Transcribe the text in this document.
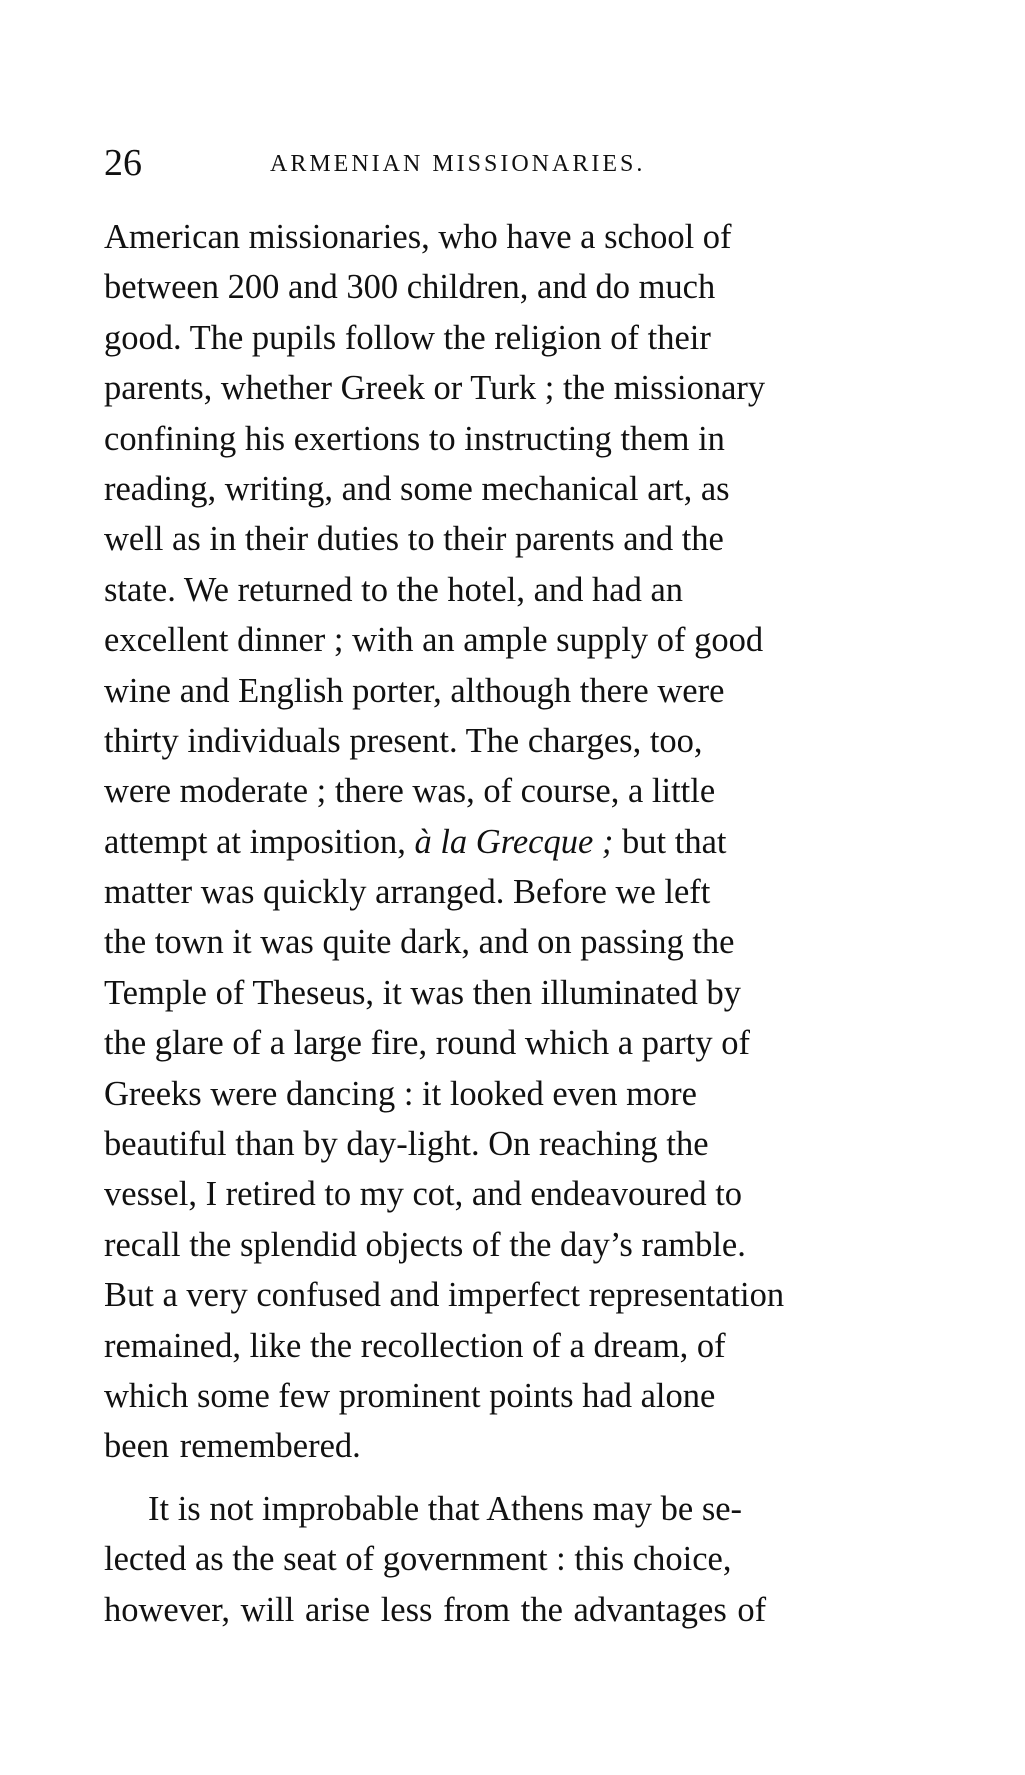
26	ARMENIAN MISSIONARIES.
American missionaries, who have a school of
between 200 and 300 children, and do much
good. The pupils follow the religion of their
parents, whether Greek or Turk ; the missionary
confining his exertions to instructing them in
reading, writing, and some mechanical art, as
well as in their duties to their parents and the
state. We returned to the hotel, and had an
excellent dinner ; with an ample supply of good
wine and English porter, although there were
thirty individuals present. The charges, too,
were moderate ; there was, of course, a little
attempt at imposition, à la Grecque ; but that
matter was quickly arranged. Before we left
the town it was quite dark, and on passing the
Temple of Theseus, it was then illuminated by
the glare of a large fire, round which a party of
Greeks were dancing : it looked even more
beautiful than by day-light. On reaching the
vessel, I retired to my cot, and endeavoured to
recall the splendid objects of the day’s ramble.
But a very confused and imperfect representation
remained, like the recollection of a dream, of
which some few prominent points had alone
been remembered.
It is not improbable that Athens may be se-
lected as the seat of government : this choice,
however, will arise less from the advantages of
